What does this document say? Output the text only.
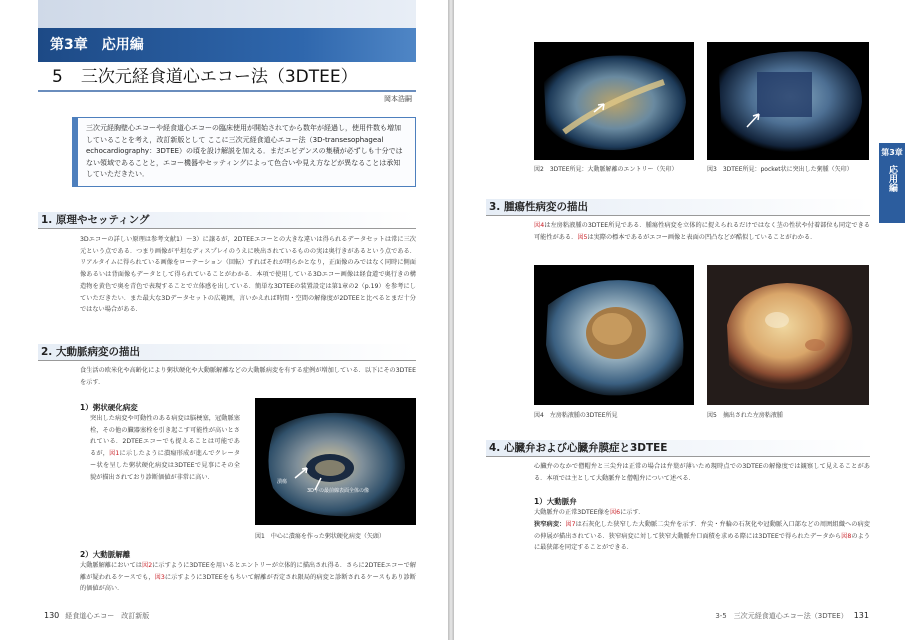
第3章　応用編
5 三次元経食道心エコー法（3DTEE）
岡本浩嗣
三次元経胸壁心エコーや経食道心エコーの臨床使用が開始されてから数年が経過し，使用件数も増加していることを考え，改訂新版として ここに三次元経食道心エコー法（3D-transesophageal echocardiography：3DTEE）の頃を設け解説を加える．まだエビデンスの集積が必ずしも十分ではない領域であることと，エコー機器やセッティングによって色合いや見え方などが異なることは承知していただきたい．
1. 原理やセッティング
3Dエコーの詳しい原理は参考文献1）〜3）に譲るが，2DTEEエコーとの大きな違いは得られるデータセットは常に三次元という点である．つまり画像が平坦なディスプレイのうえに映出されているものの実は奥行きがあるという点である．リアルタイムに得られている画像をローテーション（回転）すればそれが明らかとなり，正面像のみではなく同時に側面像あるいは背面像もデータとして得られていることがわかる．本項で使用している3Dエコー画像は経食道で奥行きの構造物を黄色で奥を青色で表現することで立体感を出している．簡単な3DTEEの装置設定は第1章の2（p.19）を参考にしていただきたい．また最大な3Dデータセットの広範囲，言いかえれば時間・空間の解像度が2DTEEと比べるとまだ十分ではない場合がある．
2. 大動脈病変の描出
食生活の欧米化や高齢化により粥状硬化や大動脈解離などの大動脈病変を有する症例が増加している．以下にその3DTEEを示す．
1）粥状硬化病変
突出した病変や可動性のある病変は脳梗塞，冠動脈塞栓，その他の臓器塞栓を引き起こす可能性が高いとされている．2DTEEエコーでも捉えることは可能であるが，図1に示したように潰瘍形成が進んでクレーター状を呈した粥状硬化病変は3DTEEで見事にその全貌が描出されており診断価値が非常に高い．
潰瘍
3D下の最前線表面全体の像
図1　中心に潰瘍を作った粥状硬化病変（矢頭）
2）大動脈解離
大動脈解離においては図2に示すように3DTEEを用いるとエントリーが立体的に描出され得る．さらに2DTEEエコーで解離が疑われるケースでも，図3に示すように3DTEEをもちいて解離が否定され限局的病変と診断されるケースもあり診断的価値が高い．
130 経食道心エコー　改訂新版
図2　3DTEE所見：大動脈解離のエントリー（矢印）	図3　3DTEE所見：pocket状に突出した粥腫（矢印）
第3章
応用編
3. 腫瘍性病変の描出
図4は左房粘液腫の3DTEE所見である．腫瘍性病変を立体的に捉えられるだけではなく茎の性状や付着部位も同定できる可能性がある．図5は実際の標本であるがエコー画像と表面の凹凸などが酷似していることがわかる．
図4　左房粘液腫の3DTEE所見	図5　摘出された左房粘液腫
4. 心臓弁および心臓弁膜症と3DTEE
心臓弁のなかで僧帽弁と三尖弁は正常の場合は弁葉が薄いため現時点での3DTEEの解像度では観察して見えることがある．本項では主として大動脈弁と僧帽弁について述べる．
1）大動脈弁
大動脈弁の正常3DTEE像を図6に示す．
狭窄病変：図7は石灰化した狭窄した大動脈二尖弁を示す．弁尖・弁輪の石灰化や冠動脈入口部などの周囲組織への病変の伸展が描出されている．狭窄病変に対して狭窄大動脈弁口面積を求める際には3DTEEで得られたデータから図8のように最狭部を同定することができる．
3-5　三次元経食道心エコー法（3DTEE） 131
